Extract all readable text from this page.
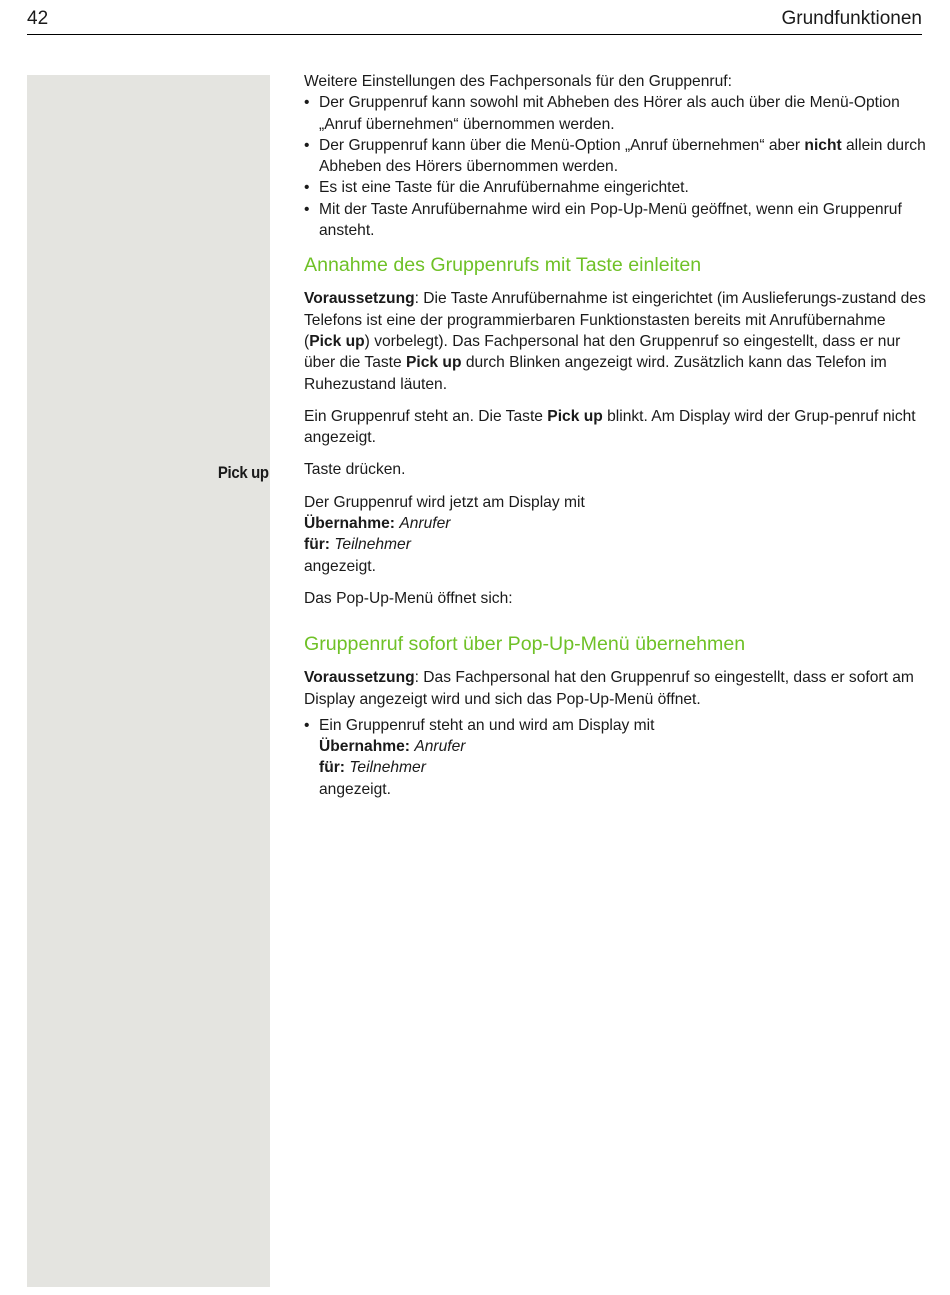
42	Grundfunktionen
Pick up

Weitere Einstellungen des Fachpersonals für den Gruppenruf:

• Der Gruppenruf kann sowohl mit Abheben des Hörer als auch über die Menü-Option „Anruf übernehmen“ übernommen werden.
• Der Gruppenruf kann über die Menü-Option „Anruf übernehmen“ aber nicht allein durch Abheben des Hörers übernommen werden.
• Es ist eine Taste für die Anrufübernahme eingerichtet.
• Mit der Taste Anrufübernahme wird ein Pop-Up-Menü geöffnet, wenn ein Gruppenruf ansteht.
Annahme des Gruppenrufs mit Taste einleiten

Voraussetzung: Die Taste Anrufübernahme ist eingerichtet (im Auslieferungs-zustand des Telefons ist eine der programmierbaren Funktionstasten bereits mit Anrufübernahme (Pick up) vorbelegt). Das Fachpersonal hat den Gruppenruf so eingestellt, dass er nur über die Taste Pick up durch Blinken angezeigt wird. Zusätzlich kann das Telefon im Ruhezustand läuten.

Ein Gruppenruf steht an. Die Taste Pick up blinkt. Am Display wird der Grup-penruf nicht angezeigt.

Taste drücken.

Der Gruppenruf wird jetzt am Display mit
Übernahme: Anrufer
für: Teilnehmer
angezeigt.

Das Pop-Up-Menü öffnet sich:

Gruppenruf sofort über Pop-Up-Menü übernehmen

Voraussetzung: Das Fachpersonal hat den Gruppenruf so eingestellt, dass er sofort am Display angezeigt wird und sich das Pop-Up-Menü öffnet.

• Ein Gruppenruf steht an und wird am Display mit
Übernahme: Anrufer
für: Teilnehmer
angezeigt.
